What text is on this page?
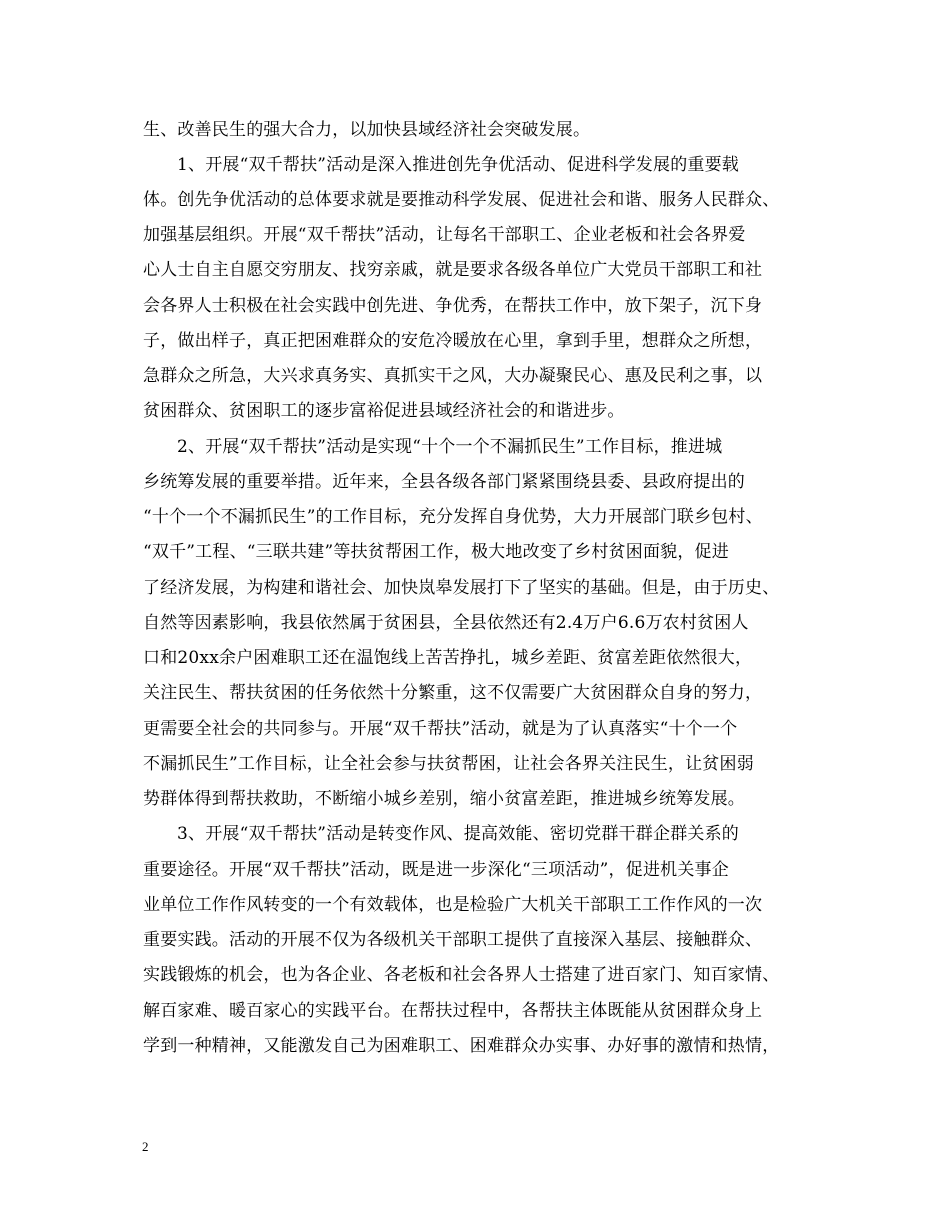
生、改善民生的强大合力，以加快县域经济社会突破发展。
1、开展“双千帮扶”活动是深入推进创先争优活动、促进科学发展的重要载
体。创先争优活动的总体要求就是要推动科学发展、促进社会和谐、服务人民群众、
加强基层组织。开展“双千帮扶”活动，让每名干部职工、企业老板和社会各界爱
心人士自主自愿交穷朋友、找穷亲戚，就是要求各级各单位广大党员干部职工和社
会各界人士积极在社会实践中创先进、争优秀，在帮扶工作中，放下架子，沉下身
子，做出样子，真正把困难群众的安危冷暖放在心里，拿到手里，想群众之所想，
急群众之所急，大兴求真务实、真抓实干之风，大办凝聚民心、惠及民利之事，以
贫困群众、贫困职工的逐步富裕促进县域经济社会的和谐进步。
2、开展“双千帮扶”活动是实现“十个一个不漏抓民生”工作目标，推进城
乡统筹发展的重要举措。近年来，全县各级各部门紧紧围绕县委、县政府提出的
“十个一个不漏抓民生”的工作目标，充分发挥自身优势，大力开展部门联乡包村、
“双千”工程、“三联共建”等扶贫帮困工作，极大地改变了乡村贫困面貌，促进
了经济发展，为构建和谐社会、加快岚皋发展打下了坚实的基础。但是，由于历史、
自然等因素影响，我县依然属于贫困县，全县依然还有2.4万户6.6万农村贫困人
口和20xx余户困难职工还在温饱线上苦苦挣扎，城乡差距、贫富差距依然很大，
关注民生、帮扶贫困的任务依然十分繁重，这不仅需要广大贫困群众自身的努力，
更需要全社会的共同参与。开展“双千帮扶”活动，就是为了认真落实“十个一个
不漏抓民生”工作目标，让全社会参与扶贫帮困，让社会各界关注民生，让贫困弱
势群体得到帮扶救助，不断缩小城乡差别，缩小贫富差距，推进城乡统筹发展。
3、开展“双千帮扶”活动是转变作风、提高效能、密切党群干群企群关系的
重要途径。开展“双千帮扶”活动，既是进一步深化“三项活动”，促进机关事企
业单位工作作风转变的一个有效载体，也是检验广大机关干部职工工作作风的一次
重要实践。活动的开展不仅为各级机关干部职工提供了直接深入基层、接触群众、
实践锻炼的机会，也为各企业、各老板和社会各界人士搭建了进百家门、知百家情、
解百家难、暖百家心的实践平台。在帮扶过程中，各帮扶主体既能从贫困群众身上
学到一种精神，又能激发自己为困难职工、困难群众办实事、办好事的激情和热情，
2
